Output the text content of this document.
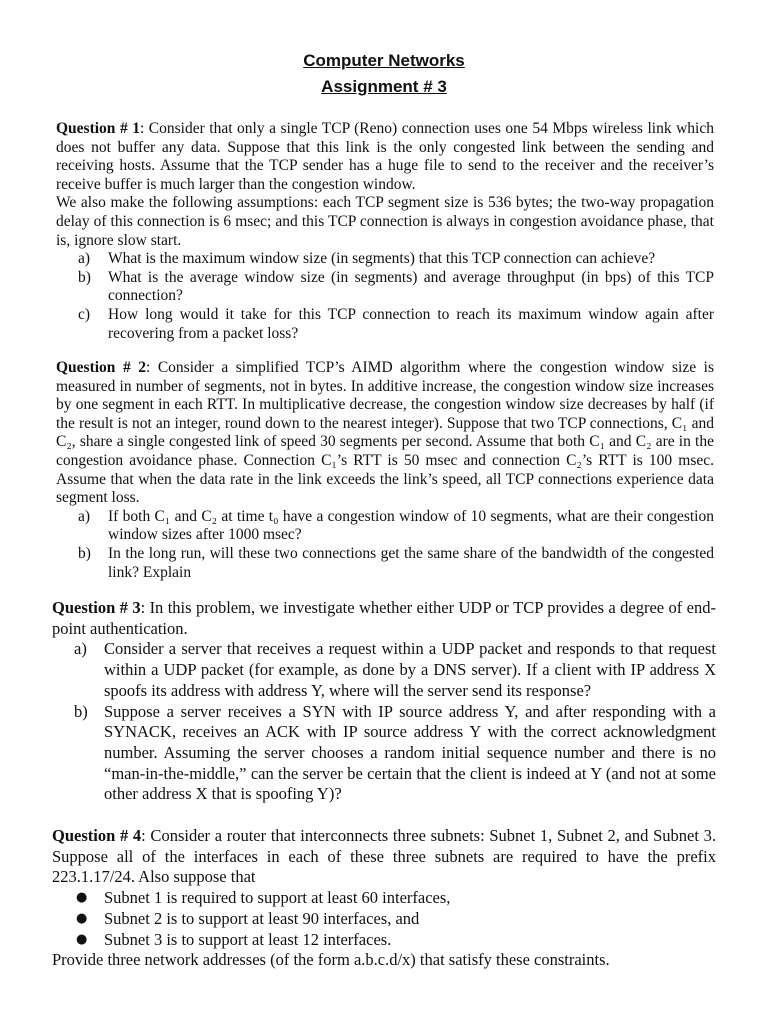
Computer Networks
Assignment # 3

Question # 1: Consider that only a single TCP (Reno) connection uses one 54 Mbps wireless link which does not buffer any data. Suppose that this link is the only congested link between the sending and receiving hosts. Assume that the TCP sender has a huge file to send to the receiver and the receiver’s receive buffer is much larger than the congestion window.

We also make the following assumptions: each TCP segment size is 536 bytes; the two-way propagation delay of this connection is 6 msec; and this TCP connection is always in congestion avoidance phase, that is, ignore slow start.

a) What is the maximum window size (in segments) that this TCP connection can achieve?
b) What is the average window size (in segments) and average throughput (in bps) of this TCP connection?
c) How long would it take for this TCP connection to reach its maximum window again after recovering from a packet loss?

Question # 2: Consider a simplified TCP’s AIMD algorithm where the congestion window size is measured in number of segments, not in bytes. In additive increase, the congestion window size increases by one segment in each RTT. In multiplicative decrease, the congestion window size decreases by half (if the result is not an integer, round down to the nearest integer). Suppose that two TCP connections, C₁ and C₂, share a single congested link of speed 30 segments per second. Assume that both C₁ and C₂ are in the congestion avoidance phase. Connection C₁’s RTT is 50 msec and connection C₂’s RTT is 100 msec. Assume that when the data rate in the link exceeds the link’s speed, all TCP connections experience data segment loss.

a) If both C₁ and C₂ at time t₀ have a congestion window of 10 segments, what are their congestion window sizes after 1000 msec?
b) In the long run, will these two connections get the same share of the bandwidth of the congested link? Explain

Question # 3: In this problem, we investigate whether either UDP or TCP provides a degree of end-point authentication.

a) Consider a server that receives a request within a UDP packet and responds to that request within a UDP packet (for example, as done by a DNS server). If a client with IP address X spoofs its address with address Y, where will the server send its response?
b) Suppose a server receives a SYN with IP source address Y, and after responding with a SYNACK, receives an ACK with IP source address Y with the correct acknowledgment number. Assuming the server chooses a random initial sequence number and there is no “man-in-the-middle,” can the server be certain that the client is indeed at Y (and not at some other address X that is spoofing Y)?

Question # 4: Consider a router that interconnects three subnets: Subnet 1, Subnet 2, and Subnet 3. Suppose all of the interfaces in each of these three subnets are required to have the prefix 223.1.17/24. Also suppose that

● Subnet 1 is required to support at least 60 interfaces,
● Subnet 2 is to support at least 90 interfaces, and
● Subnet 3 is to support at least 12 interfaces.

Provide three network addresses (of the form a.b.c.d/x) that satisfy these constraints.
